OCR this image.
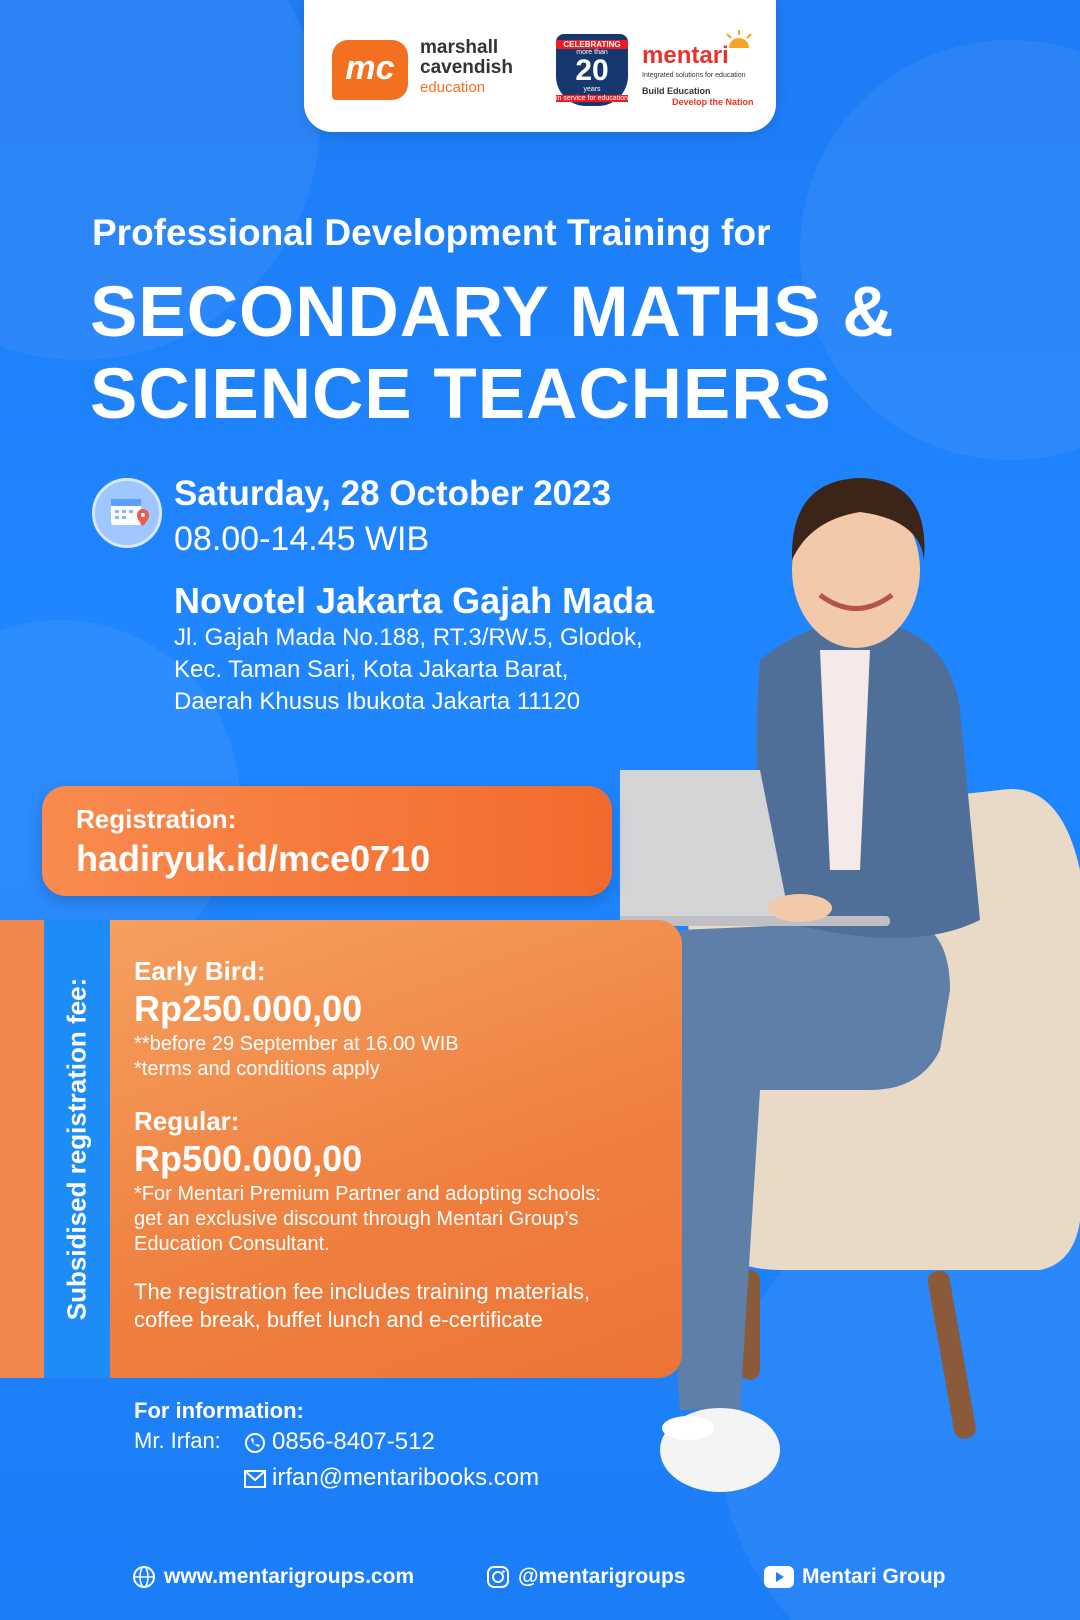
mc
marshall
cavendish
education
CELEBRATING
more than
20
years
in service for education
mentari
Integrated solutions for education
Build Education
Develop the Nation
Professional Development Training for
SECONDARY MATHS &
SCIENCE TEACHERS
Saturday, 28 October 2023
08.00-14.45 WIB
Novotel Jakarta Gajah Mada
Jl. Gajah Mada No.188, RT.3/RW.5, Glodok,
Kec. Taman Sari, Kota Jakarta Barat,
Daerah Khusus Ibukota Jakarta 11120
Registration:
hadiryuk.id/mce0710
Subsidised registration fee:
Early Bird:
Rp250.000,00
**before 29 September at 16.00 WIB
*terms and conditions apply
Regular:
Rp500.000,00
*For Mentari Premium Partner and adopting schools:
get an exclusive discount through Mentari Group’s
Education Consultant.
The registration fee includes training materials,
coffee break, buffet lunch and e-certificate
For information:
Mr. Irfan:	0856-8407-512
irfan@mentaribooks.com
www.mentarigroups.com	@mentarigroups	Mentari Group
